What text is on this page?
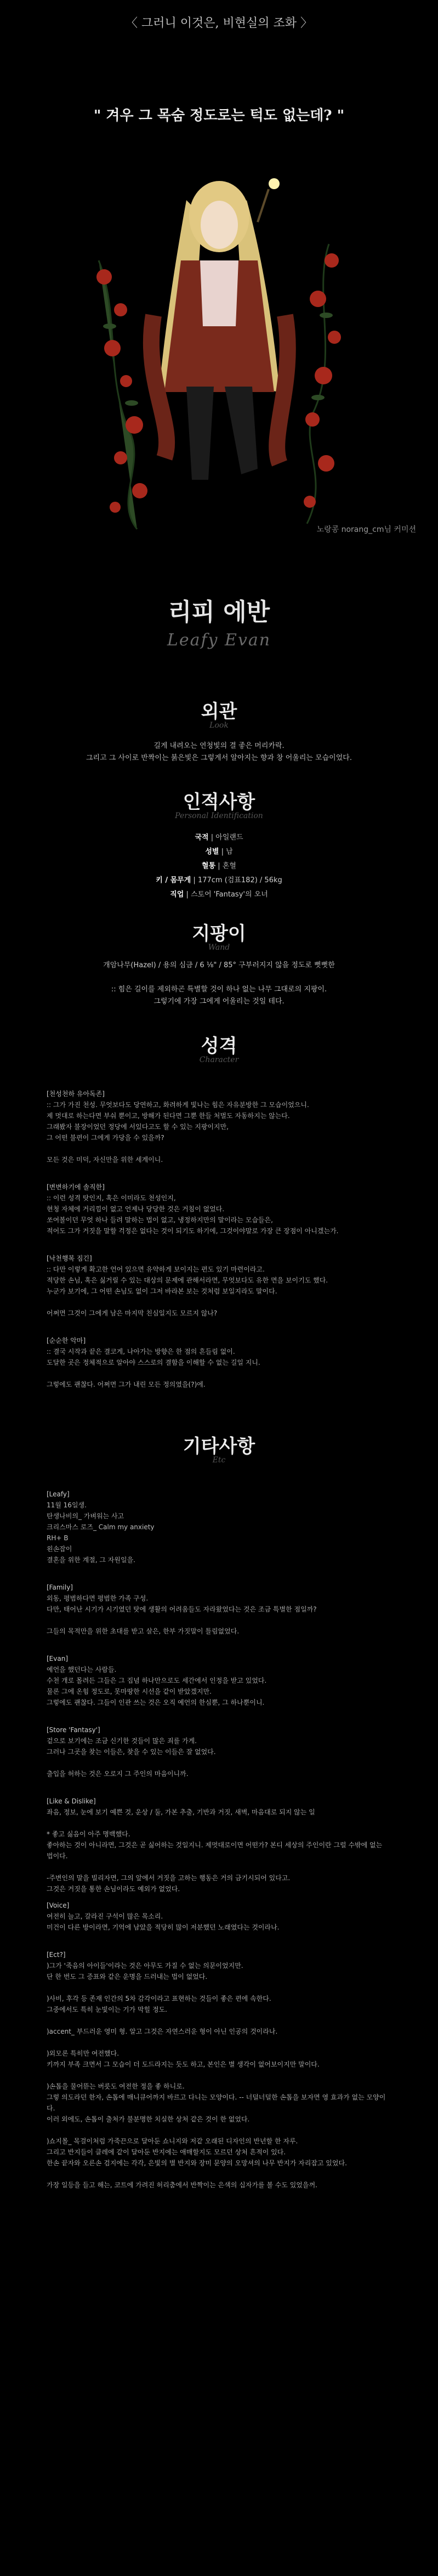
〈 그러니 이것은, 비현실의 조화 〉
" 겨우 그 목숨 정도로는 턱도 없는데? "
노랑콩 norang_cm님 커미션
리피 에반
Leafy Evan
외관
Look
길게 내려오는 연청빛의 결 좋은 머리카락.
그리고 그 사이로 반짝이는 붉은빛은 그렇게서 알아지는 향과 창 어울리는 모습이었다.
인적사항
Personal Identification
국적 | 아일랜드
성별 | 남
혈통 | 혼혈
키 / 몸무게 | 177cm (검표182) / 56kg
직업 | 스토어 'Fantasy'의 오너
지팡이
Wand
개암나무(Hazel) / 용의 심금 / 6 ⅛" / 85° 구부러지지 않을 정도로 뻣뻣한

:: 힘은 길이를 제외하곤 특별할 것이 하나 없는 나무 그대로의 지팡이.
그렇기에 가장 그에게 어울리는 것일 테다.
성격
Character
[천성천하 유아독존]

:: 그가 가진 천성. 무엇보다도 당연하고, 화려하게 빛나는 힘은 자유분방한 그 모습이었으니.

제 멋대로 하는다면 부숴 뿐이고, 방해가 된다면 그뿐 한들 처벌도 자동하지는 않는다.

그래봤자 불장이었던 정당에 서있다고도 할 수 있는 지팡이지만,

그 어떤 불편이 그에게 가당을 수 있을까?

모든 것은 미덕, 자신만을 위한 세계이니.

[변변하기에 솔직한]

:: 이런 성격 탓인지, 혹은 이미라도 천성인지,

현청 자체에 거리낌이 없고 언제나 당당한 것은 거침이 없었다.

쏘여볼이던 무엇 하나 들려 말하는 법이 없고, 냉정하지만의 말이라는 모습들은,

적어도 그가 거짓을 말할 걱정은 없다는 것이 되기도 하기에, 그것이야말로 가장 큰 장점이 아니겠는가.

[낙천행복 짐긴]

:: 다만 이렇게 확고한 언어 있으면 유약하게 보이지는 편도 있기 마련이라고.

적당한 손님, 혹은 싫거릴 수 있는 대상의 문제에 관해서라면, 무엇보다도 유한 면을 보이기도 했다.

누군가 보기에, 그 어떤 손님도 없이 그저 바라본 보는 것처럼 보일지라도 말이다.

어쩌면 그것이 그에게 남은 마지막 친심일지도 모르지 않나?

[순순한 악마]

:: 결국 시작과 끝은 결코게, 나아가는 방향은 한 점의 흔들림 없이.

도달한 곳은 정체적으로 알아야 스스로의 결함을 이해할 수 없는 길일 지니.

그렇에도 괜찮다. 어쩌면 그가 내린 모든 정의였을(?)에.

기타사항
Etc
[Leafy]

11월 16일생.

탄생나비의_ 가벼워는 사고

크리스마스 로즈_ Calm my anxiety

RH+ B

왼손잡이

결혼을 위한 계절, 그 자원일을.

[Family]

외동, 평범하다면 평범한 가족 구성.

다만, 태어난 시기가 시기였던 탓에 생활의 어려움들도 자라왔었다는 것은 조금 특별한 점일까?

그들의 목적만을 위한 초대를 받고 살은, 한부 가짓말이 틀림없었다.

[Evan]

예언을 했던다는 사람들.

수천 개로 몰려든 그들은 그 집념 하나만으로도 세간에서 인정을 받고 있었다.

물론 그에 온힘 정도로, 못마땅한 시선을 같이 받았겠지만.

그렇에도 괜찮다. 그들이 인관 쓰는 것은 오직 예언의 한심뿐, 그 하나뿐이니.

[Store 'Fantasy']

겉으로 보기에는 조금 신기한 것들이 많은 죄를 가게.

그러나 그곳을 찾는 이들은, 찾을 수 있는 이들은 잘 없었다.

출입을 허하는 것은 오로지 그 주인의 마음이니까.

[Like & Dislike]

좌음, 정보, 눈에 보기 예쁜 것, 운상 / 둘, 가본 추출, 기반과 거짓, 새벽, 마음대로 되지 않는 일

* 좋고 싫음이 아주 명백했다.

좋아하는 것이 아니라면, 그것은 곧 싫어하는 것일지니. 제멋대로이면 어떤가? 본디 세상의 주인이란 그럴 수밖에 없는 법이다.

-주변인의 말을 빌리자면, 그의 앞에서 거짓을 고하는 행동은 거의 금기시되어 있다고.

그것은 거짓을 통한 손님이라도 예외가 없었다.

[Voice]

여전히 늘고, 갈라진 구석이 많은 목소리.

미건이 다른 방이라면, 기억에 남았을 적당히 많이 저분했던 노래였다는 것이라나.

[Ect?]

)그가 '죽음의 아이들'이라는 것은 아무도 가질 수 없는 의문이었지만.

단 한 번도 그 증표와 같은 운명을 드러내는 법이 없었다.

)사비, 후각 등 존재 인간의 5차 감각이라고 표현하는 것들이 좋은 편에 속한다.

그중에서도 특히 눈빛이는 기가 막힐 정도.

)accent_ 부드러운 영미 형. 알고 그것은 자연스러운 형이 아닌 인공의 것이라나.

)외모론 특히만 여전했다.

키까지 부족 크면서 그 모습이 더 도드라지는 듯도 하고, 본인은 별 생각이 없어보이지만 말이다.

)손톱을 물어뜯는 버릇도 여전한 정을 좋 하니로.

그렇 의도라던 한자, 손톱에 매니큐어까지 바르고 다니는 모양이다. -- 너덜너덜한 손톱을 보자면 영 효과가 없는 모양이다.

이러 외에도, 손톱이 출처가 불분명한 치실한 상처 같은 것이 한 없었다.

)쇼지몰_ 목걸이처럼 가죽끈으로 달아둔 쇼니지와 저같 오래된 디자인의 반년할 한 자루.

그리고 반지들이 클레에 같이 달아둔 반지에는 애매할지도 모르던 상처 흔적이 있다.

한손 끝자와 오른손 검지에는 각각, 은빛의 별 반지와 장미 문양의 오망셔의 나무 반지가 자리잡고 있었다.

가장 일등을 들고 해는, 코트에 가려진 허리춤에서 반짝이는 은색의 십자가를 볼 수도 있었을꺼.
